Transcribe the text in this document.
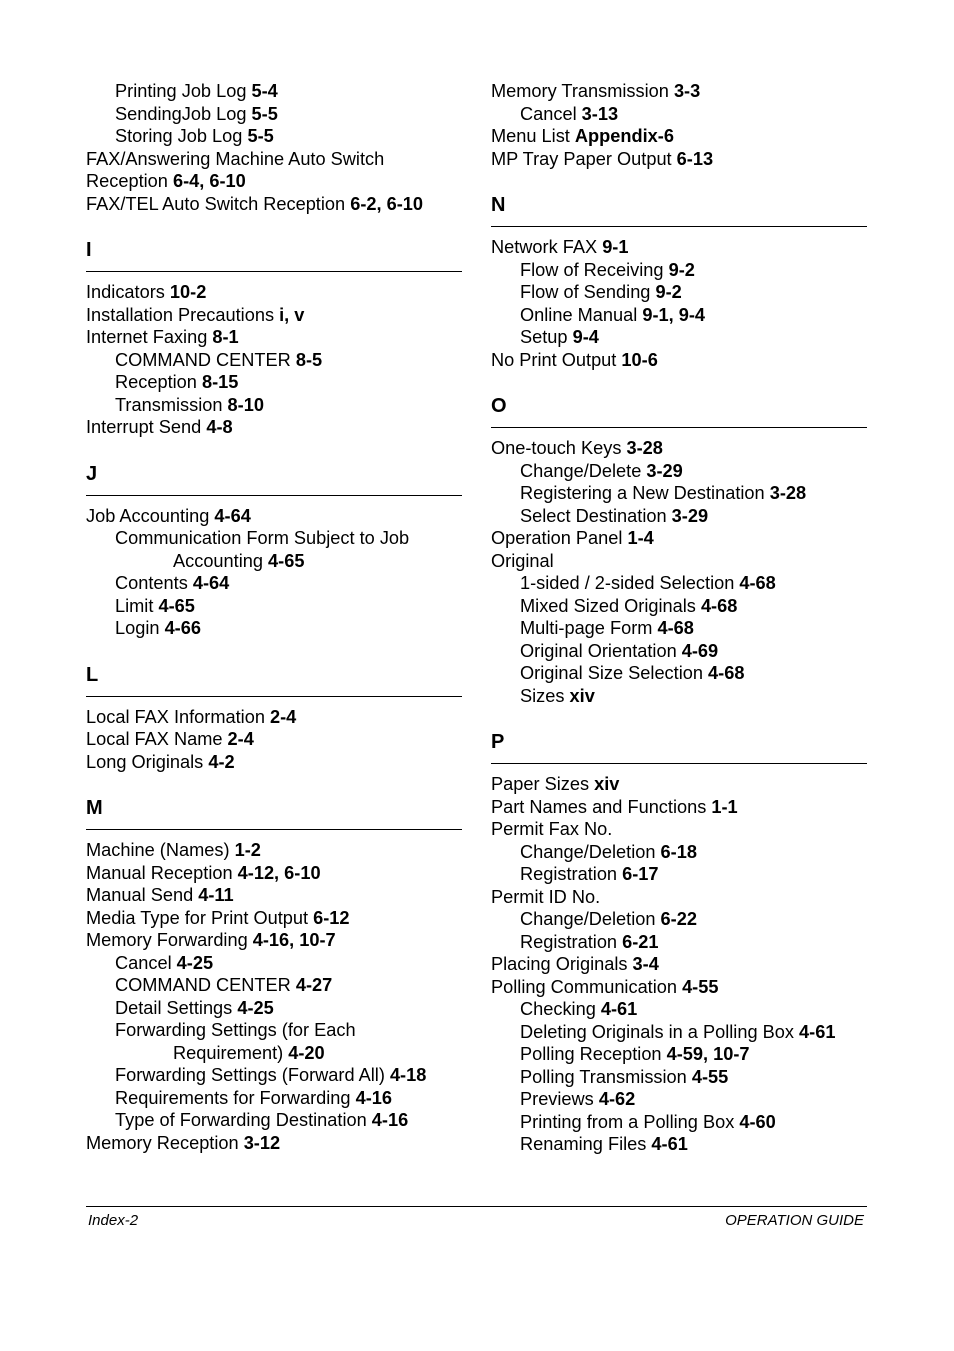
Printing Job Log 5-4
SendingJob Log 5-5
Storing Job Log 5-5
FAX/Answering Machine Auto Switch
Reception 6-4, 6-10
FAX/TEL Auto Switch Reception 6-2, 6-10
I
Indicators 10-2
Installation Precautions i, v
Internet Faxing 8-1
COMMAND CENTER 8-5
Reception 8-15
Transmission 8-10
Interrupt Send 4-8
J
Job Accounting 4-64
Communication Form Subject to Job
Accounting 4-65
Contents 4-64
Limit 4-65
Login 4-66
L
Local FAX Information 2-4
Local FAX Name 2-4
Long Originals 4-2
M
Machine (Names) 1-2
Manual Reception 4-12, 6-10
Manual Send 4-11
Media Type for Print Output 6-12
Memory Forwarding 4-16, 10-7
Cancel 4-25
COMMAND CENTER 4-27
Detail Settings 4-25
Forwarding Settings (for Each
Requirement) 4-20
Forwarding Settings (Forward All) 4-18
Requirements for Forwarding 4-16
Type of Forwarding Destination 4-16
Memory Reception 3-12
Memory Transmission 3-3
Cancel 3-13
Menu List Appendix-6
MP Tray Paper Output 6-13
N
Network FAX 9-1
Flow of Receiving 9-2
Flow of Sending 9-2
Online Manual 9-1, 9-4
Setup 9-4
No Print Output 10-6
O
One-touch Keys 3-28
Change/Delete 3-29
Registering a New Destination 3-28
Select Destination 3-29
Operation Panel 1-4
Original
1-sided / 2-sided Selection 4-68
Mixed Sized Originals 4-68
Multi-page Form 4-68
Original Orientation 4-69
Original Size Selection 4-68
Sizes xiv
P
Paper Sizes xiv
Part Names and Functions 1-1
Permit Fax No.
Change/Deletion 6-18
Registration 6-17
Permit ID No.
Change/Deletion 6-22
Registration 6-21
Placing Originals 3-4
Polling Communication 4-55
Checking 4-61
Deleting Originals in a Polling Box 4-61
Polling Reception 4-59, 10-7
Polling Transmission 4-55
Previews 4-62
Printing from a Polling Box 4-60
Renaming Files 4-61
Index-2	OPERATION GUIDE
